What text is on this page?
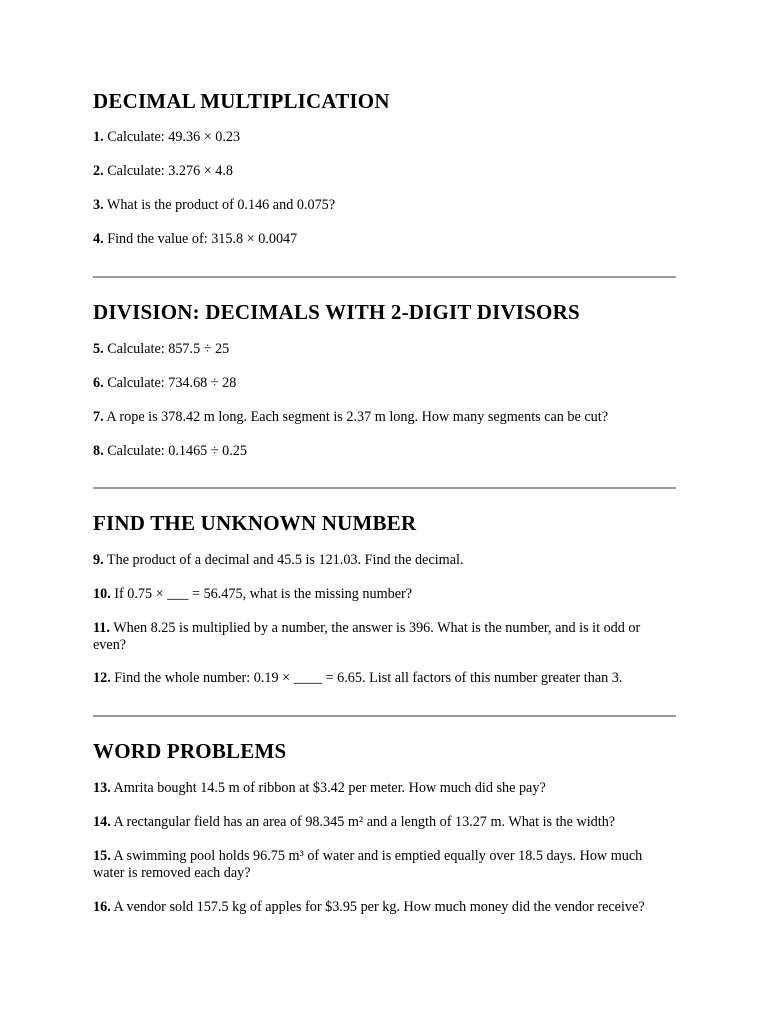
DECIMAL MULTIPLICATION

1. Calculate: 49.36 × 0.23

2. Calculate: 3.276 × 4.8

3. What is the product of 0.146 and 0.075?

4. Find the value of: 315.8 × 0.0047

DIVISION: DECIMALS WITH 2-DIGIT DIVISORS

5. Calculate: 857.5 ÷ 25

6. Calculate: 734.68 ÷ 28

7. A rope is 378.42 m long. Each segment is 2.37 m long. How many segments can be cut?

8. Calculate: 0.1465 ÷ 0.25

FIND THE UNKNOWN NUMBER

9. The product of a decimal and 45.5 is 121.03. Find the decimal.

10. If 0.75 × ___ = 56.475, what is the missing number?

11. When 8.25 is multiplied by a number, the answer is 396. What is the number, and is it odd or even?

12. Find the whole number: 0.19 × ____ = 6.65. List all factors of this number greater than 3.

WORD PROBLEMS

13. Amrita bought 14.5 m of ribbon at $3.42 per meter. How much did she pay?

14. A rectangular field has an area of 98.345 m² and a length of 13.27 m. What is the width?

15. A swimming pool holds 96.75 m³ of water and is emptied equally over 18.5 days. How much water is removed each day?

16. A vendor sold 157.5 kg of apples for $3.95 per kg. How much money did the vendor receive?
